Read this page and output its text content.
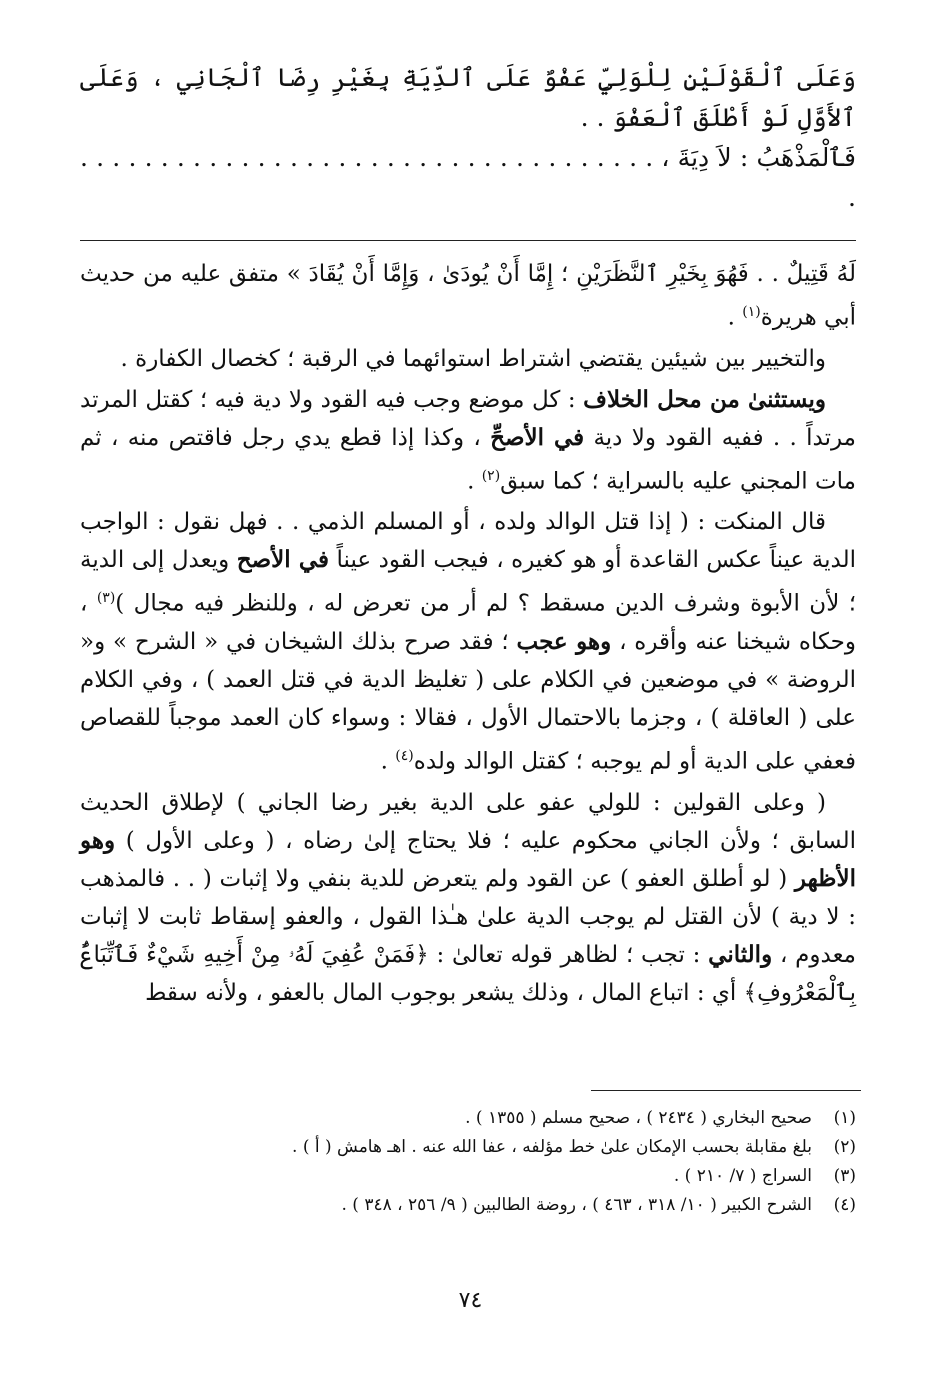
وَعَلَى ٱلْقَوْلَيْنِ لِلْوَلِيِّ عَفْوٌ عَلَى ٱلدِّيَةِ بِغَيْرِ رِضَا ٱلْجَانِي ، وَعَلَى ٱلأَوَّلِ لَوْ أَطْلَقَ ٱلْعَفْوَ . .

فَٱلْمَذْهَبُ : لاَ دِيَةَ ، . . . . . . . . . . . . . . . . . . . . . . . . . . . . . . . . . . . . .

لَهُ قَتِيلٌ . . فَهُوَ بِخَيْرِ ٱلنَّظَرَيْنِ ؛ إِمَّا أَنْ يُودَىٰ ، وَإِمَّا أَنْ يُقَادَ » متفق عليه من حديث أبي هريرة$^{(١)}$ .

والتخيير بين شيئين يقتضي اشتراط استوائهما في الرقبة ؛ كخصال الكفارة .

ويستثنىٰ من محل الخلاف : كل موضع وجب فيه القود ولا دية فيه ؛ كقتل المرتد مرتداً . . ففيه القود ولا دية في الأصحِّ ، وكذا إذا قطع يدي رجل فاقتص منه ، ثم مات المجني عليه بالسراية ؛ كما سبق$^{(٢)}$ .

قال المنكت : ( إذا قتل الوالد ولده ، أو المسلم الذمي . . فهل نقول : الواجب الدية عيناً عكس القاعدة أو هو كغيره ، فيجب القود عيناً في الأصح ويعدل إلى الدية ؛ لأن الأبوة وشرف الدين مسقط ؟ لم أر من تعرض له ، وللنظر فيه مجال )$^{(٣)}$ ، وحكاه شيخنا عنه وأقره ، وهو عجب ؛ فقد صرح بذلك الشيخان في « الشرح » و« الروضة » في موضعين في الكلام على ( تغليظ الدية في قتل العمد ) ، وفي الكلام على ( العاقلة ) ، وجزما بالاحتمال الأول ، فقالا : وسواء كان العمد موجباً للقصاص فعفي على الدية أو لم يوجبه ؛ كقتل الوالد ولده$^{(٤)}$ .

( وعلى القولين : للولي عفو على الدية بغير رضا الجاني ) لإطلاق الحديث السابق ؛ ولأن الجاني محكوم عليه ؛ فلا يحتاج إلىٰ رضاه ، ( وعلى الأول ) وهو الأظهر ( لو أطلق العفو ) عن القود ولم يتعرض للدية بنفي ولا إثبات ( . . فالمذهب : لا دية ) لأن القتل لم يوجب الدية علىٰ هـٰذا القول ، والعفو إسقاط ثابت لا إثبات معدوم ، والثاني : تجب ؛ لظاهر قوله تعالىٰ : ﴿فَمَنْ عُفِيَ لَهُۥ مِنْ أَخِيهِ شَيْءٌ فَٱتِّبَاعٌۢ بِٱلْمَعْرُوفِ﴾ أي : اتباع المال ، وذلك يشعر بوجوب المال بالعفو ، ولأنه سقط

(١)
صحيح البخاري ( ٢٤٣٤ ) ، صحيح مسلم ( ١٣٥٥ ) .
(٢)
بلغ مقابلة بحسب الإمكان علىٰ خط مؤلفه ، عفا الله عنه . اهـ هامش ( أ ) .
(٣)
السراج ( ٧/ ٢١٠ ) .
(٤)
الشرح الكبير ( ١٠/ ٣١٨ ، ٤٦٣ ) ، روضة الطالبين ( ٩/ ٢٥٦ ، ٣٤٨ ) .
٧٤
